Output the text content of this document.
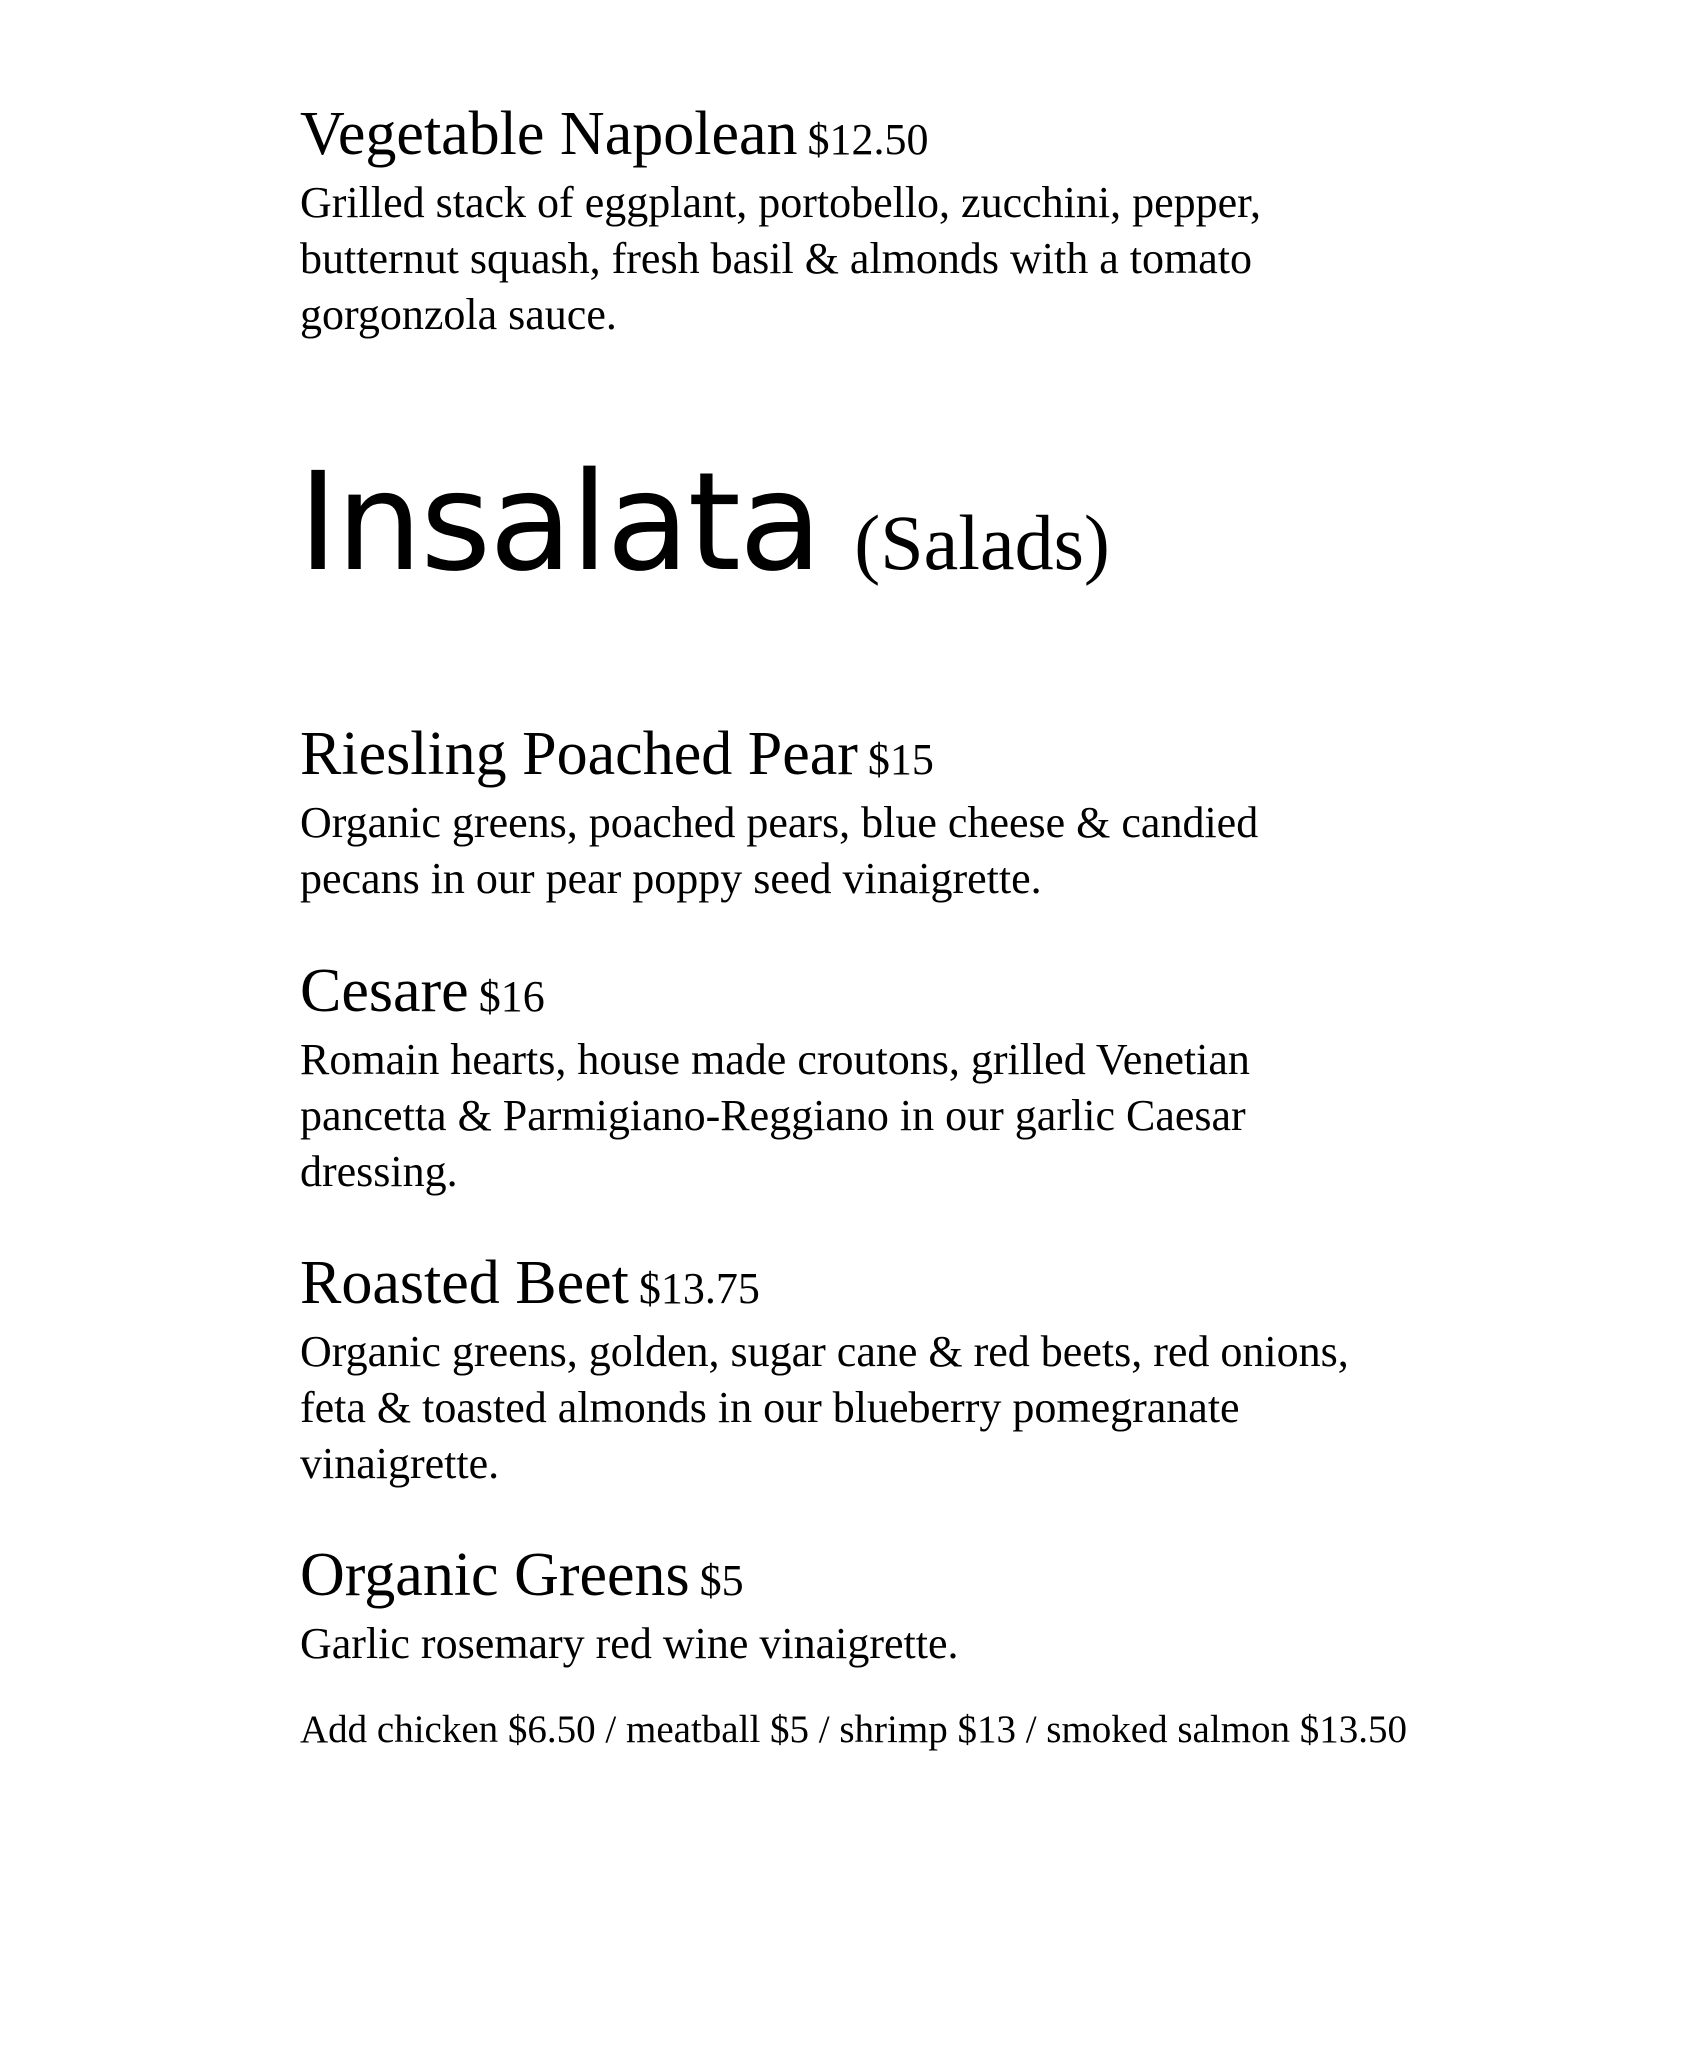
Vegetable Napolean $12.50
Grilled stack of eggplant, portobello, zucchini, pepper,
butternut squash, fresh basil & almonds with a tomato
gorgonzola sauce.
Insalata (Salads)
Riesling Poached Pear $15
Organic greens, poached pears, blue cheese & candied
pecans in our pear poppy seed vinaigrette.
Cesare $16
Romain hearts, house made croutons, grilled Venetian
pancetta & Parmigiano-Reggiano in our garlic Caesar
dressing.
Roasted Beet $13.75
Organic greens, golden, sugar cane & red beets, red onions,
feta & toasted almonds in our blueberry pomegranate
vinaigrette.
Organic Greens $5
Garlic rosemary red wine vinaigrette.
Add chicken $6.50 / meatball $5 / shrimp $13 / smoked salmon $13.50
